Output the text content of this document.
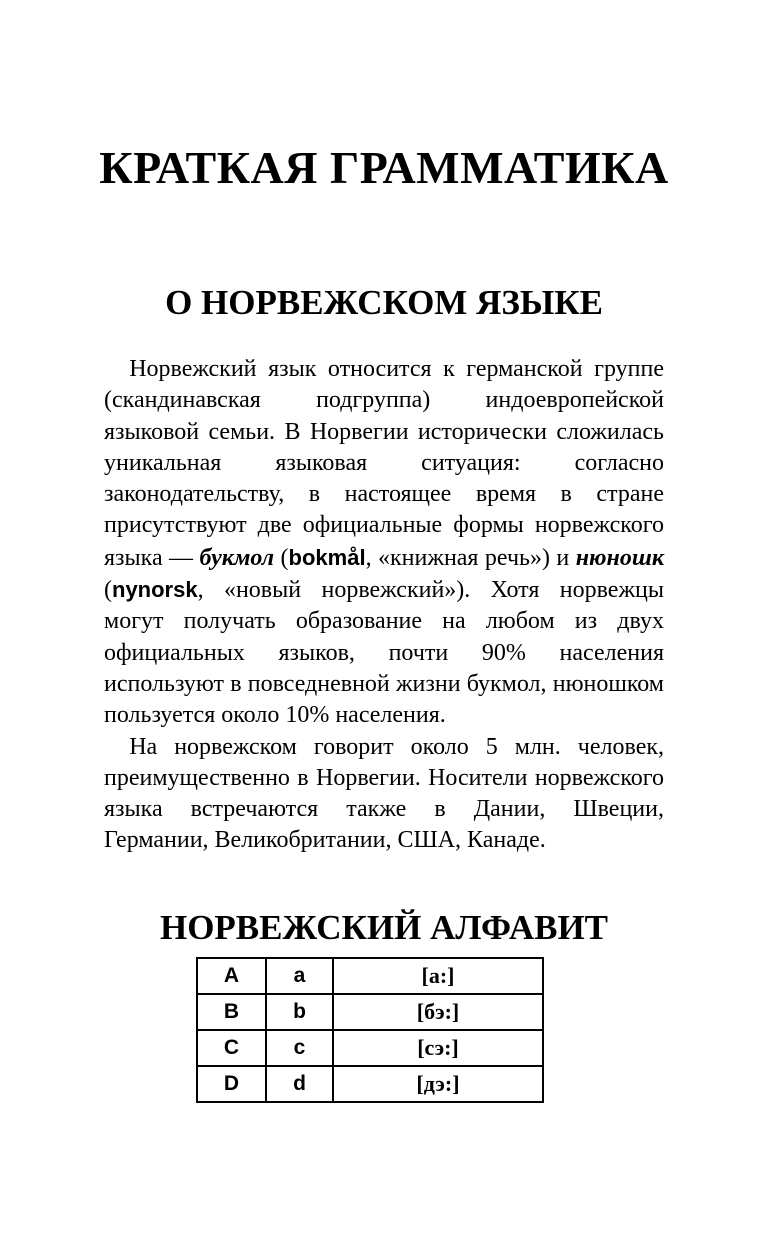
КРАТКАЯ ГРАММАТИКА
О НОРВЕЖСКОМ ЯЗЫКЕ

Норвежский язык относится к германской группе (скандинавская подгруппа) индоевропейской языковой семьи. В Норвегии исторически сложилась уникальная языковая ситуация: согласно законодательству, в настоящее время в стране присутствуют две официальные формы норвежского языка — букмол (bokmål, «книжная речь») и нюношк (nynorsk, «новый норвежский»). Хотя норвежцы могут получать образование на любом из двух официальных языков, почти 90% населения используют в повседневной жизни букмол, нюношком пользуется около 10% населения.

На норвежском говорит около 5 млн. человек, преимущественно в Норвегии. Носители норвежского языка встречаются также в Дании, Швеции, Германии, Великобритании, США, Канаде.

НОРВЕЖСКИЙ АЛФАВИТ
A	a	[а:]
B	b	[бэ:]
C	c	[сэ:]
D	d	[дэ:]
